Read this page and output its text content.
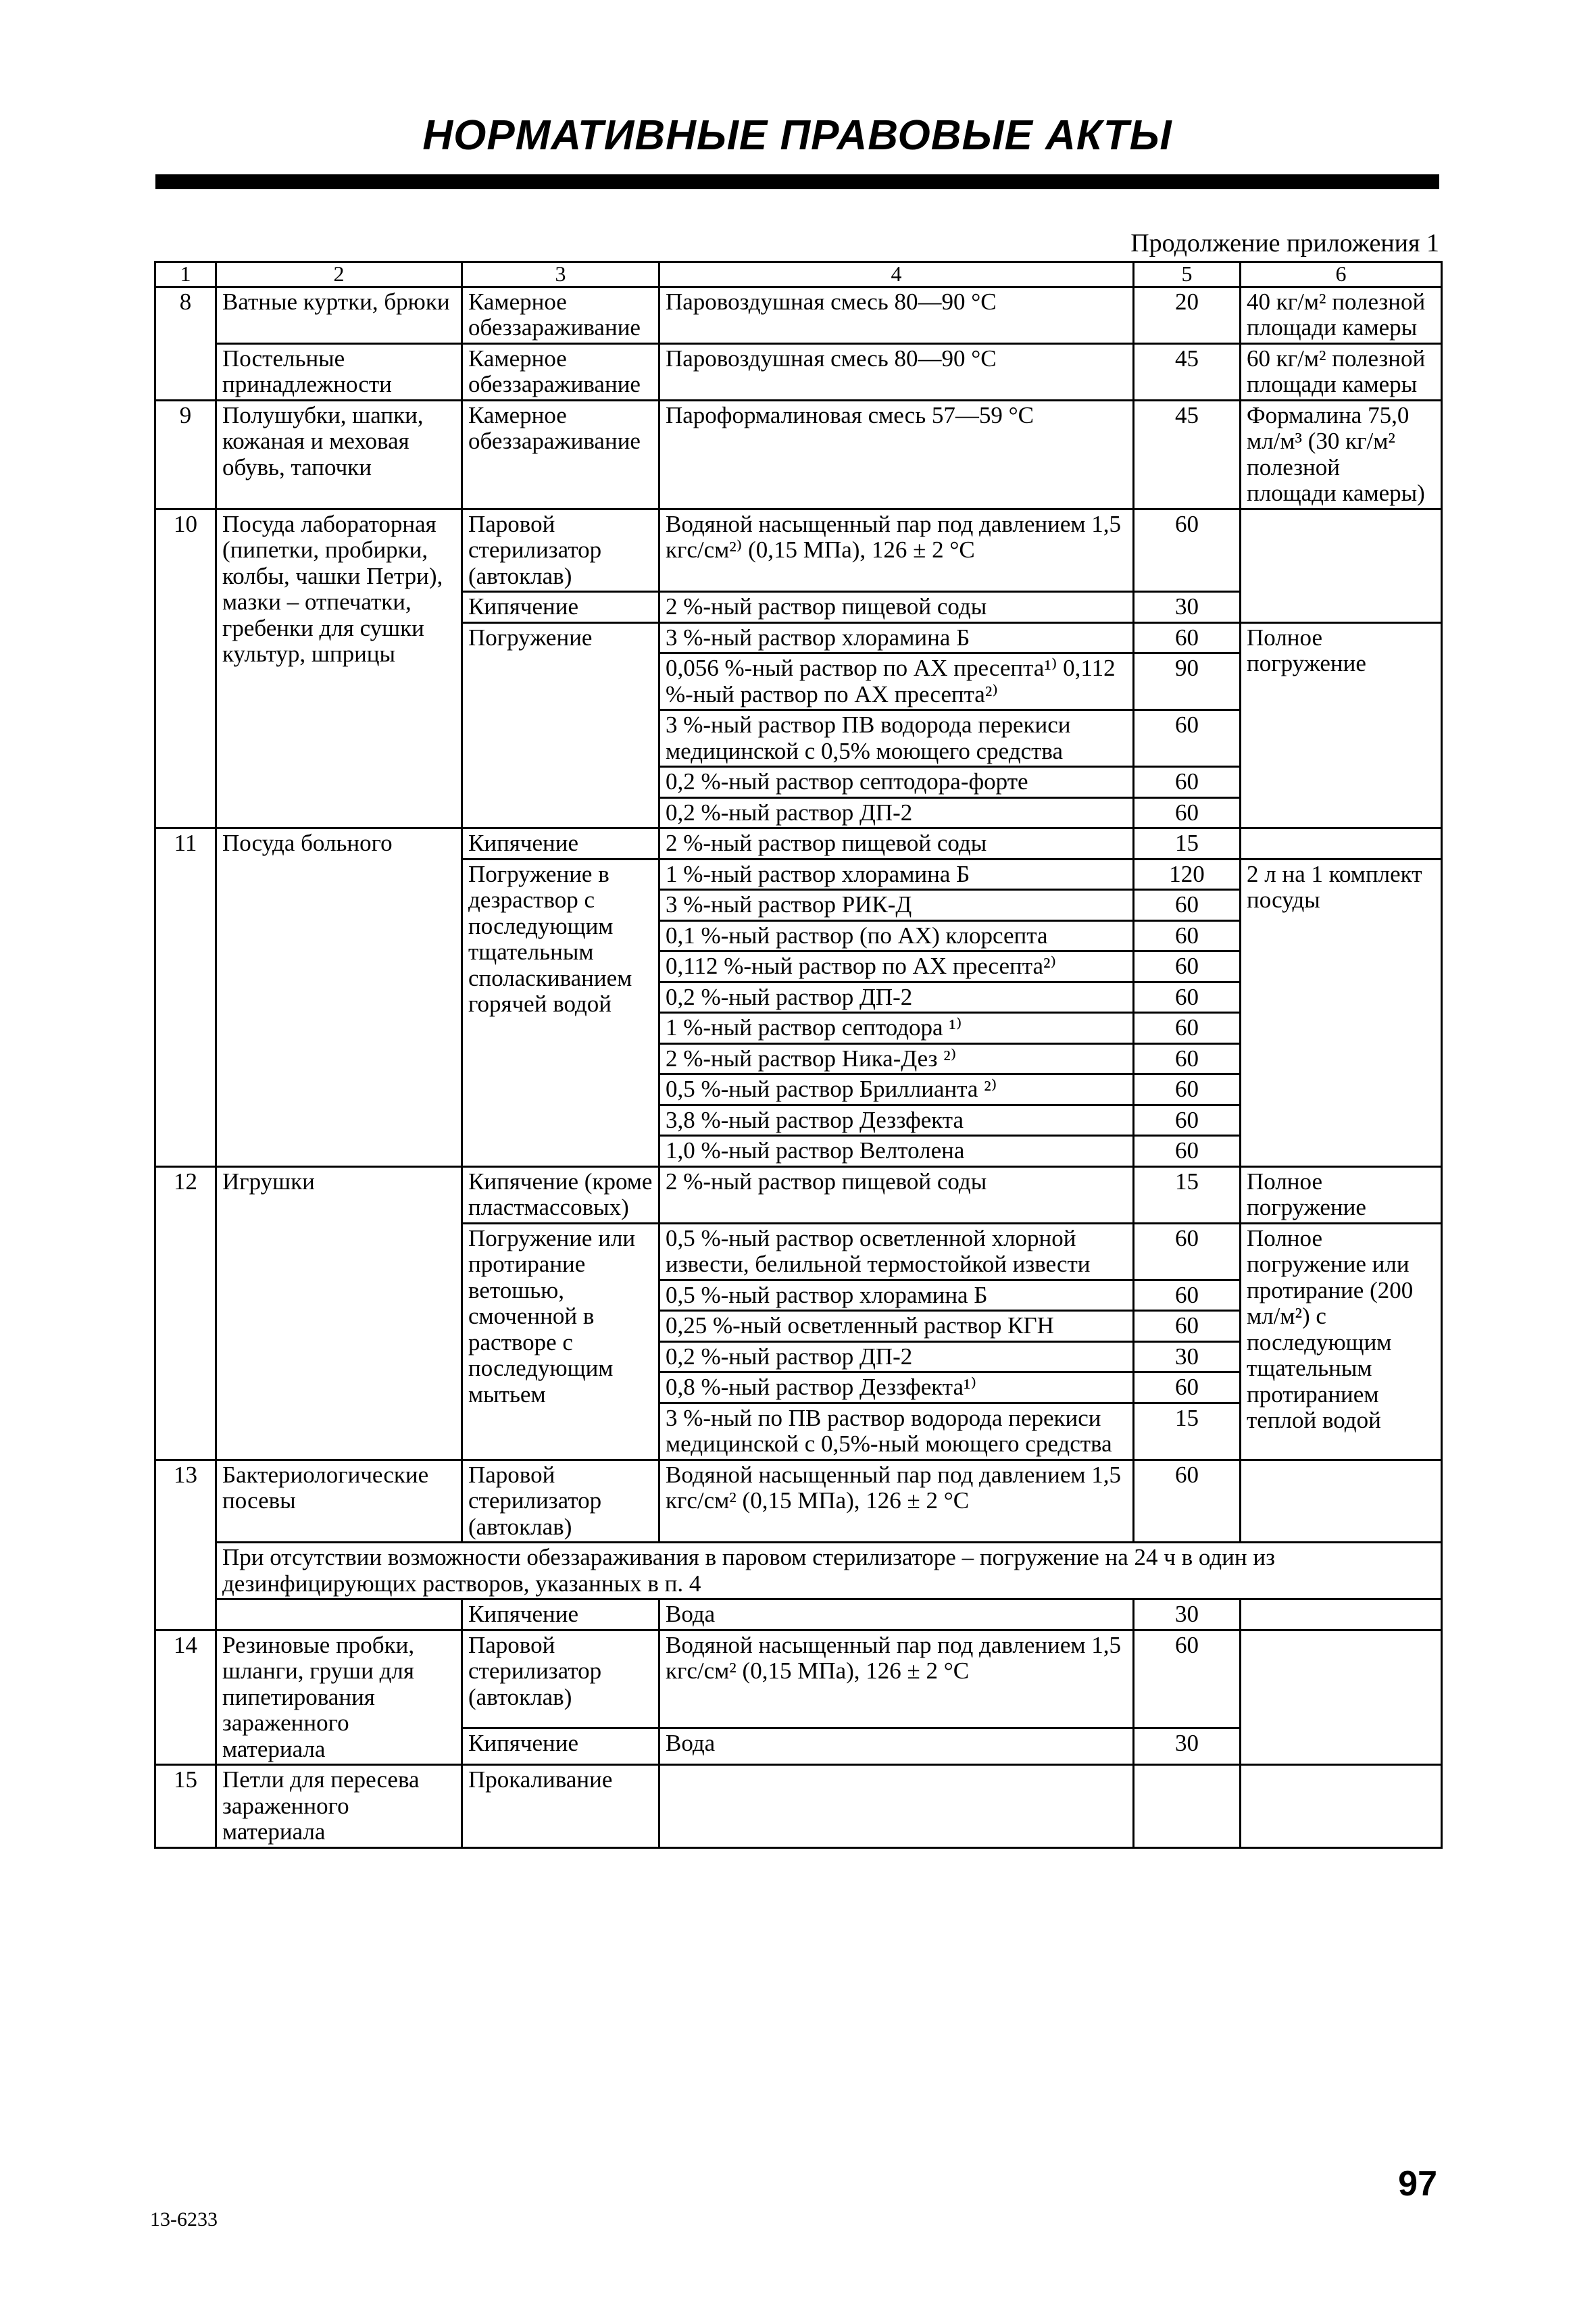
НОРМАТИВНЫЕ ПРАВОВЫЕ АКТЫ
Продолжение приложения 1
1	2	3	4	5	6
8	Ватные куртки, брюки	Камерное обеззараживание	Паровоздушная смесь 80—90 °С	20	40 кг/м² полезной площади камеры
	Постельные принадлежности	Камерное обеззараживание	Паровоздушная смесь 80—90 °С	45	60 кг/м² полезной площади камеры
9	Полушубки, шапки, кожаная и меховая обувь, тапочки	Камерное обеззараживание	Пароформалиновая смесь 57—59 °С	45	Формалина 75,0 мл/м³ (30 кг/м² полезной площади камеры)
10	Посуда лабораторная (пипетки, пробирки, колбы, чашки Петри), мазки – отпечатки, гребенки для сушки культур, шприцы	Паровой стерилизатор (автоклав)	Водяной насыщенный пар под давлением 1,5 кгс/см²⁾ (0,15 МПа), 126 ± 2 °С	60	
		Кипячение	2 %-ный раствор пищевой соды	30	
		Погружение	3 %-ный раствор хлорамина Б	60	Полное погружение
			0,056 %-ный раствор по АХ пресепта¹⁾ 0,112 %-ный раствор по АХ пресепта²⁾	90	
			3 %-ный раствор ПВ водорода перекиси медицинской с 0,5% моющего средства	60	
			0,2 %-ный раствор септодора-форте	60	
			0,2 %-ный раствор ДП-2	60	

11	Посуда больного	Кипячение	2 %-ный раствор пищевой соды	15	
		Погружение в дезраствор с последующим тщательным споласкиванием горячей водой	1 %-ный раствор хлорамина Б	120	2 л на 1 комплект посуды
			3 %-ный раствор РИК-Д	60	
			0,1 %-ный раствор (по АХ) клорсепта	60	
			0,112 %-ный раствор по АХ пресепта²⁾	60	
			0,2 %-ный раствор ДП-2	60	
			1 %-ный раствор септодора ¹⁾	60	
			2 %-ный раствор Ника-Дез ²⁾	60	
			0,5 %-ный раствор Бриллианта ²⁾	60	
			3,8 %-ный раствор Деззфекта	60	
			1,0 %-ный раствор Велтолена	60	
12	Игрушки	Кипячение (кроме пластмассовых)	2 %-ный раствор пищевой соды	15	Полное погружение
		Погружение или протирание ветошью, смоченной в растворе с последующим мытьем	0,5 %-ный раствор осветленной хлорной извести, белильной термостойкой извести	60	Полное погружение или протирание (200 мл/м²) с последующим тщательным протиранием теплой водой
			0,5 %-ный раствор хлорамина Б	60	
			0,25 %-ный осветленный раствор КГН	60	
			0,2 %-ный раствор ДП-2	30	
			0,8 %-ный раствор Деззфекта¹⁾	60	
			3 %-ный по ПВ раствор водорода перекиси медицинской с 0,5%-ный моющего средства	15	
13	Бактериологические посевы	Паровой стерилизатор (автоклав)	Водяной насыщенный пар под давлением 1,5 кгс/см² (0,15 МПа), 126 ± 2 °С	60	
	При отсутствии возможности обеззараживания в паровом стерилизаторе – погружение на 24 ч в один из дезинфицирующих растворов, указанных в п. 4				
		Кипячение	Вода	30	
14	Резиновые пробки, шланги, груши для пипетирования зараженного материала	Паровой стерилизатор (автоклав)	Водяной насыщенный пар под давлением 1,5 кгс/см² (0,15 МПа), 126 ± 2 °С	60	
		Кипячение	Вода	30	
15	Петли для пересева зараженного материала	Прокаливание			
13-6233
97
